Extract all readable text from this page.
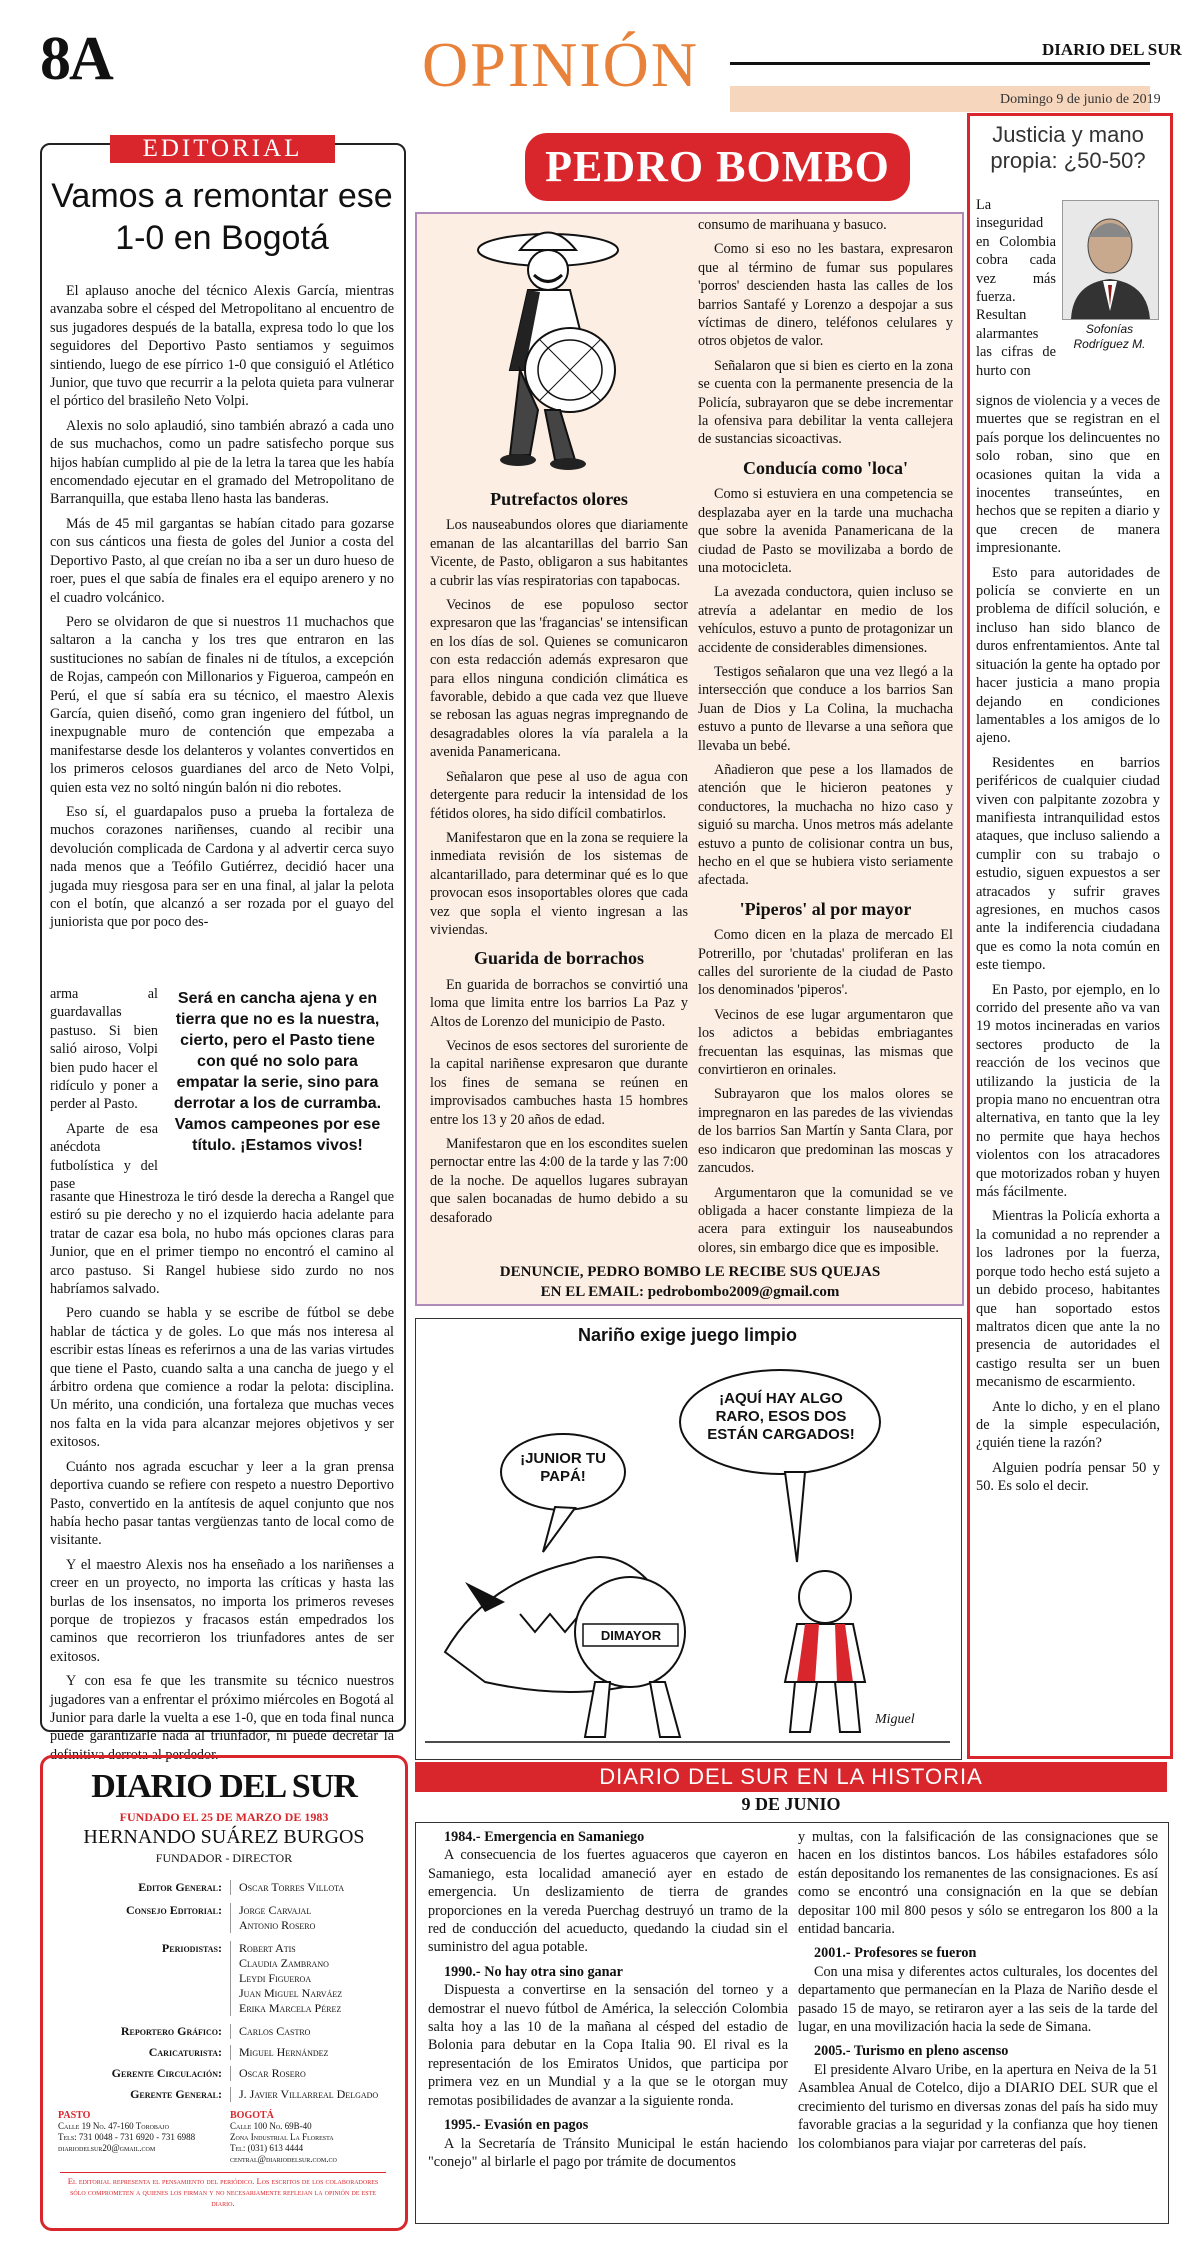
8A	OPINIÓN	DIARIO DEL SUR
Domingo 9 de junio de 2019
EDITORIAL
Vamos a remontar ese 1-0 en Bogotá

El aplauso anoche del técnico Alexis García, mientras avanzaba sobre el césped del Metropolitano al encuentro de sus jugadores después de la batalla, expresa todo lo que los seguidores del Deportivo Pasto sentiamos y seguimos sintiendo, luego de ese pírrico 1-0 que consiguió el Atlético Junior, que tuvo que recurrir a la pelota quieta para vulnerar el pórtico del brasileño Neto Volpi.

Alexis no solo aplaudió, sino también abrazó a cada uno de sus muchachos, como un padre satisfecho porque sus hijos habían cumplido al pie de la letra la tarea que les había encomendado ejecutar en el gramado del Metropolitano de Barranquilla, que estaba lleno hasta las banderas.

Más de 45 mil gargantas se habían citado para gozarse con sus cánticos una fiesta de goles del Junior a costa del Deportivo Pasto, al que creían no iba a ser un duro hueso de roer, pues el que sabía de finales era el equipo arenero y no el cuadro volcánico.

Pero se olvidaron de que si nuestros 11 muchachos que saltaron a la cancha y los tres que entraron en las sustituciones no sabían de finales ni de títulos, a excepción de Rojas, campeón con Millonarios y Figueroa, campeón en Perú, el que sí sabía era su técnico, el maestro Alexis García, quien diseñó, como gran ingeniero del fútbol, un inexpugnable muro de contención que empezaba a manifestarse desde los delanteros y volantes convertidos en los primeros celosos guardianes del arco de Neto Volpi, quien esta vez no soltó ningún balón ni dio rebotes.

Eso sí, el guardapalos puso a prueba la fortaleza de muchos corazones nariñenses, cuando al recibir una devolución complicada de Cardona y al advertir cerca suyo nada menos que a Teófilo Gutiérrez, decidió hacer una jugada muy riesgosa para ser en una final, al jalar la pelota con el botín, que alcanzó a ser rozada por el guayo del juniorista que por poco des-

arma al guardavallas pastuso. Si bien salió airoso, Volpi bien pudo hacer el ridículo y poner a perder al Pasto.

Aparte de esa anécdota futbolística y del pase

Será en cancha ajena y en tierra que no es la nuestra, cierto, pero el Pasto tiene con qué no solo para empatar la serie, sino para derrotar a los de curramba. Vamos campeones por ese título. ¡Estamos vivos!

rasante que Hinestroza le tiró desde la derecha a Rangel que estiró su pie derecho y no el izquierdo hacia adelante para tratar de cazar esa bola, no hubo más opciones claras para Junior, que en el primer tiempo no encontró el camino al arco pastuso. Si Rangel hubiese sido zurdo no nos habríamos salvado.

Pero cuando se habla y se escribe de fútbol se debe hablar de táctica y de goles. Lo que más nos interesa al escribir estas líneas es referirnos a una de las varias virtudes que tiene el Pasto, cuando salta a una cancha de juego y el árbitro ordena que comience a rodar la pelota: disciplina. Un mérito, una condición, una fortaleza que muchas veces nos falta en la vida para alcanzar mejores objetivos y ser exitosos.

Cuánto nos agrada escuchar y leer a la gran prensa deportiva cuando se refiere con respeto a nuestro Deportivo Pasto, convertido en la antítesis de aquel conjunto que nos había hecho pasar tantas vergüenzas tanto de local como de visitante.

Y el maestro Alexis nos ha enseñado a los nariñenses a creer en un proyecto, no importa las críticas y hasta las burlas de los insensatos, no importa los primeros reveses porque de tropiezos y fracasos están empedrados los caminos que recorrieron los triunfadores antes de ser exitosos.

Y con esa fe que les transmite su técnico nuestros jugadores van a enfrentar el próximo miércoles en Bogotá al Junior para darle la vuelta a ese 1-0, que en toda final nunca puede garantizarle nada al triunfador, ni puede decretar la definitiva derrota al perdedor.

PEDRO BOMBO
Putrefactos olores

Los nauseabundos olores que diariamente emanan de las alcantarillas del barrio San Vicente, de Pasto, obligaron a sus habitantes a cubrir las vías respiratorias con tapabocas.

Vecinos de ese populoso sector expresaron que las 'fragancias' se intensifican en los días de sol. Quienes se comunicaron con esta redacción además expresaron que para ellos ninguna condición climática es favorable, debido a que cada vez que llueve se rebosan las aguas negras impregnando de desagradables olores la vía paralela a la avenida Panamericana.

Señalaron que pese al uso de agua con detergente para reducir la intensidad de los fétidos olores, ha sido difícil combatirlos.

Manifestaron que en la zona se requiere la inmediata revisión de los sistemas de alcantarillado, para determinar qué es lo que provocan esos insoportables olores que cada vez que sopla el viento ingresan a las viviendas.

Guarida de borrachos

En guarida de borrachos se convirtió una loma que limita entre los barrios La Paz y Altos de Lorenzo del municipio de Pasto.

Vecinos de esos sectores del suroriente de la capital nariñense expresaron que durante los fines de semana se reúnen en improvisados cambuches hasta 15 hombres entre los 13 y 20 años de edad.

Manifestaron que en los escondites suelen pernoctar entre las 4:00 de la tarde y las 7:00 de la noche. De aquellos lugares subrayan que salen bocanadas de humo debido a su desaforado

consumo de marihuana y basuco.

Como si eso no les bastara, expresaron que al término de fumar sus populares 'porros' descienden hasta las calles de los barrios Santafé y Lorenzo a despojar a sus víctimas de dinero, teléfonos celulares y otros objetos de valor.

Señalaron que si bien es cierto en la zona se cuenta con la permanente presencia de la Policía, subrayaron que se debe incrementar la ofensiva para debilitar la venta callejera de sustancias sicoactivas.

Conducía como 'loca'

Como si estuviera en una competencia se desplazaba ayer en la tarde una muchacha que sobre la avenida Panamericana de la ciudad de Pasto se movilizaba a bordo de una motocicleta.

La avezada conductora, quien incluso se atrevía a adelantar en medio de los vehículos, estuvo a punto de protagonizar un accidente de considerables dimensiones.

Testigos señalaron que una vez llegó a la intersección que conduce a los barrios San Juan de Dios y La Colina, la muchacha estuvo a punto de llevarse a una señora que llevaba un bebé.

Añadieron que pese a los llamados de atención que le hicieron peatones y conductores, la muchacha no hizo caso y siguió su marcha. Unos metros más adelante estuvo a punto de colisionar contra un bus, hecho en el que se hubiera visto seriamente afectada.

'Piperos' al por mayor

Como dicen en la plaza de mercado El Potrerillo, por 'chutadas' proliferan en las calles del suroriente de la ciudad de Pasto los denominados 'piperos'.

Vecinos de ese lugar argumentaron que los adictos a bebidas embriagantes frecuentan las esquinas, las mismas que convirtieron en orinales.

Subrayaron que los malos olores se impregnaron en las paredes de las viviendas de los barrios San Martín y Santa Clara, por eso indicaron que predominan las moscas y zancudos.

Argumentaron que la comunidad se ve obligada a hacer constante limpieza de la acera para extinguir los nauseabundos olores, sin embargo dice que es imposible.

DENUNCIE, PEDRO BOMBO LE RECIBE SUS QUEJAS
EN EL EMAIL: pedrobombo2009@gmail.com
Nariño exige juego limpio
¡JUNIOR TU PAPÁ!
¡AQUÍ HAY ALGO RARO, ESOS DOS ESTÁN CARGADOS!
DIMAYOR
Miguel
Justicia y mano propia: ¿50-50?
Sofonías Rodríguez M.

La inseguridad en Colombia cobra cada vez más fuerza. Resultan alarmantes las cifras de hurto con

signos de violencia y a veces de muertes que se registran en el país porque los delincuentes no solo roban, sino que en ocasiones quitan la vida a inocentes transeúntes, en hechos que se repiten a diario y que crecen de manera impresionante.

Esto para autoridades de policía se convierte en un problema de difícil solución, e incluso han sido blanco de duros enfrentamientos. Ante tal situación la gente ha optado por hacer justicia a mano propia dejando en condiciones lamentables a los amigos de lo ajeno.

Residentes en barrios periféricos de cualquier ciudad viven con palpitante zozobra y manifiesta intranquilidad estos ataques, que incluso saliendo a cumplir con su trabajo o estudio, siguen expuestos a ser atracados y sufrir graves agresiones, en muchos casos ante la indiferencia ciudadana que es como la nota común en este tiempo.

En Pasto, por ejemplo, en lo corrido del presente año va van 19 motos incineradas en varios sectores producto de la reacción de los vecinos que utilizando la justicia de la propia mano no encuentran otra alternativa, en tanto que la ley no permite que haya hechos violentos con los atracadores que motorizados roban y huyen más fácilmente.

Mientras la Policía exhorta a la comunidad a no reprender a los ladrones por la fuerza, porque todo hecho está sujeto a un debido proceso, habitantes que han soportado estos maltratos dicen que ante la no presencia de autoridades el castigo resulta ser un buen mecanismo de escarmiento.

Ante lo dicho, y en el plano de la simple especulación, ¿quién tiene la razón?

Alguien podría pensar 50 y 50. Es solo el decir.

DIARIO DEL SUR
FUNDADO EL 25 DE MARZO DE 1983
HERNANDO SUÁREZ BURGOS
FUNDADOR - DIRECTOR
Editor General:	Oscar Torres Villota
Consejo Editorial:	Jorge Carvajal
Antonio Rosero
Periodistas:	Robert Atis
Claudia Zambrano
Leydi Figueroa
Juan Miguel Narváez
Erika Marcela Pérez
Reportero Gráfico:	Carlos Castro
Caricaturista:	Miguel Hernández
Gerente Circulación:	Oscar Rosero
Gerente General:	J. Javier Villarreal Delgado
PASTO
Calle 19 No. 47-160 Torobajo
Tels: 731 0048 - 731 6920 - 731 6988
diariodelsur20@gmail.com
BOGOTÁ
Calle 100 No. 69B-40
Zona Industrial La Floresta
Tel: (031) 613 4444
central@diariodelsur.com.co
El editorial representa el pensamiento del periódico. Los escritos de los colaboradores sólo comprometen a quienes los firman y no necesariamente reflejan la opinión de este diario.
DIARIO DEL SUR EN LA HISTORIA
9 DE JUNIO

1984.- Emergencia en Samaniego

A consecuencia de los fuertes aguaceros que cayeron en Samaniego, esta localidad amaneció ayer en estado de emergencia. Un deslizamiento de tierra de grandes proporciones en la vereda Puerchag destruyó un tramo de la red de conducción del acueducto, quedando la ciudad sin el suministro del agua potable.

1990.- No hay otra sino ganar

Dispuesta a convertirse en la sensación del torneo y a demostrar el nuevo fútbol de América, la selección Colombia salta hoy a las 10 de la mañana al césped del estadio de Bolonia para debutar en la Copa Italia 90. El rival es la representación de los Emiratos Unidos, que participa por primera vez en un Mundial y a la que se le otorgan muy remotas posibilidades de avanzar a la siguiente ronda.

1995.- Evasión en pagos

A la Secretaría de Tránsito Municipal le están haciendo "conejo" al birlarle el pago por trámite de documentos

y multas, con la falsificación de las consignaciones que se hacen en los distintos bancos. Los hábiles estafadores sólo están depositando los remanentes de las consignaciones. Es así como se encontró una consignación en la que se debían depositar 100 mil 800 pesos y sólo se entregaron los 800 a la entidad bancaria.

2001.- Profesores se fueron

Con una misa y diferentes actos culturales, los docentes del departamento que permanecían en la Plaza de Nariño desde el pasado 15 de mayo, se retiraron ayer a las seis de la tarde del lugar, en una movilización hacia la sede de Simana.

2005.- Turismo en pleno ascenso

El presidente Alvaro Uribe, en la apertura en Neiva de la 51 Asamblea Anual de Cotelco, dijo a DIARIO DEL SUR que el crecimiento del turismo en diversas zonas del país ha sido muy favorable gracias a la seguridad y la confianza que hoy tienen los colombianos para viajar por carreteras del país.
